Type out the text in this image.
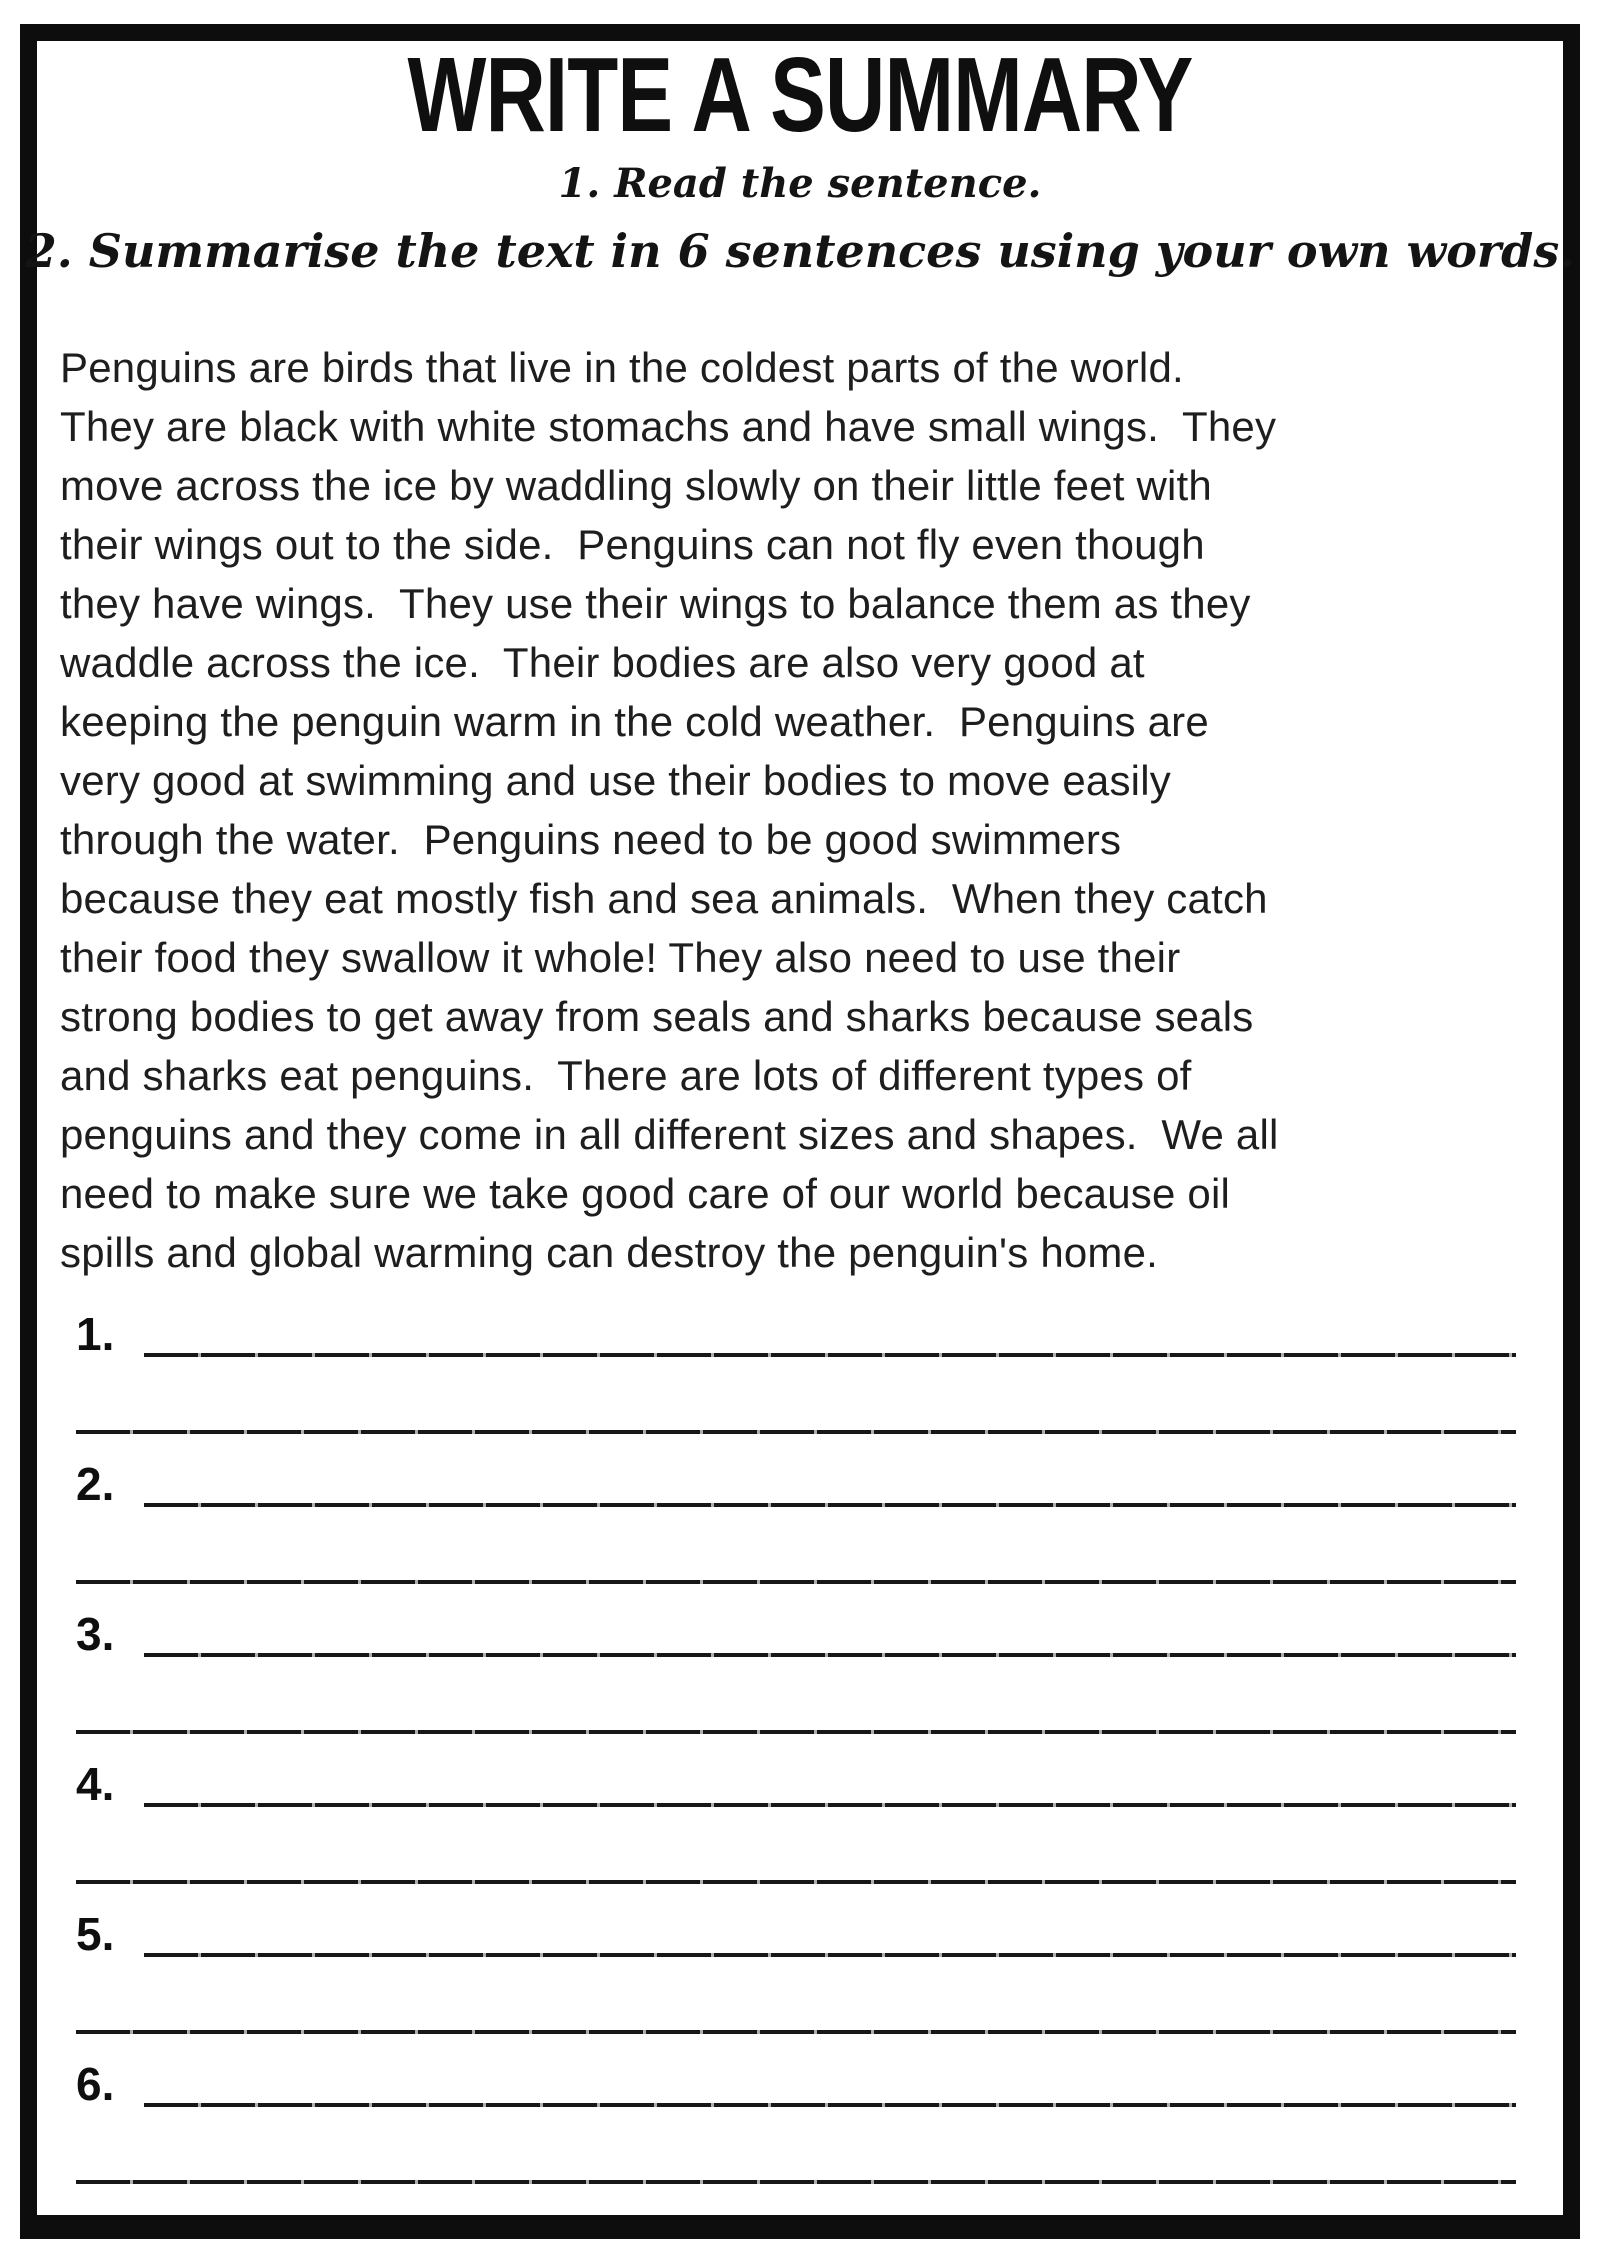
WRITE A SUMMARY
1. Read the sentence.
2. Summarise the text in 6 sentences using your own words.
Penguins are birds that live in the coldest parts of the world.
They are black with white stomachs and have small wings.  They
move across the ice by waddling slowly on their little feet with
their wings out to the side.  Penguins can not fly even though
they have wings.  They use their wings to balance them as they
waddle across the ice.  Their bodies are also very good at
keeping the penguin warm in the cold weather.  Penguins are
very good at swimming and use their bodies to move easily
through the water.  Penguins need to be good swimmers
because they eat mostly fish and sea animals.  When they catch
their food they swallow it whole! They also need to use their
strong bodies to get away from seals and sharks because seals
and sharks eat penguins.  There are lots of different types of
penguins and they come in all different sizes and shapes.  We all
need to make sure we take good care of our world because oil
spills and global warming can destroy the penguin's home.
1.
2.
3.
4.
5.
6.
